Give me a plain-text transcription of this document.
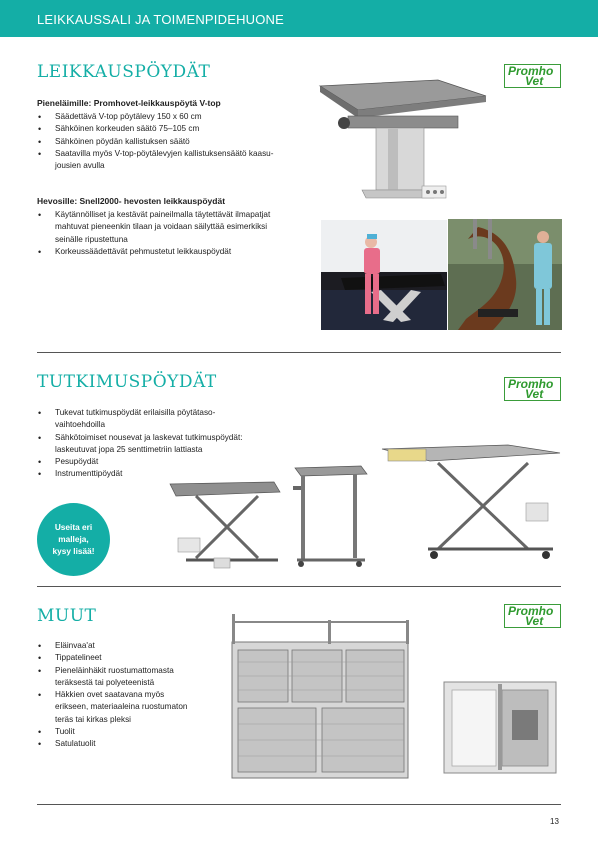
LEIKKAUSSALI JA TOIMENPIDEHUONE
LEIKKAUSPÖYDÄT	Promho
Vet
Pieneläimille: Promhovet-leikkauspöytä V-top
• Säädettävä V-top pöytälevy 150 x 60 cm
• Sähköinen korkeuden säätö 75–105 cm
• Sähköinen pöydän kallistuksen säätö
• Saatavilla myös V-top-pöytälevyjen kallistuksensäätö kaasu-
jousien avulla
Hevosille: Snell2000- hevosten leikkauspöydät
• Käytännölliset ja kestävät paineilmalla täytettävät ilmapatjat
mahtuvat pieneenkin tilaan ja voidaan säilyttää esimerkiksi
seinälle ripustettuna
• Korkeussäädettävät pehmustetut leikkauspöydät
TUTKIMUSPÖYDÄT	Promho
Vet
• Tukevat tutkimuspöydät erilaisilla pöytätaso-
vaihtoehdoilla
• Sähkötoimiset nousevat ja laskevat tutkimuspöydät:
laskeutuvat jopa 25 senttimetriin lattiasta
• Pesupöydät
• Instrumenttipöydät
Useita eri
malleja,
kysy lisää!
MUUT	Promho
Vet
• Eläinvaa'at
• Tippatelineet
• Pieneläinhäkit ruostumattomasta
teräksestä tai polyeteenistä
• Häkkien ovet saatavana myös
erikseen, materiaaleina ruostumaton
teräs tai kirkas pleksi
• Tuolit
• Satulatuolit
13
